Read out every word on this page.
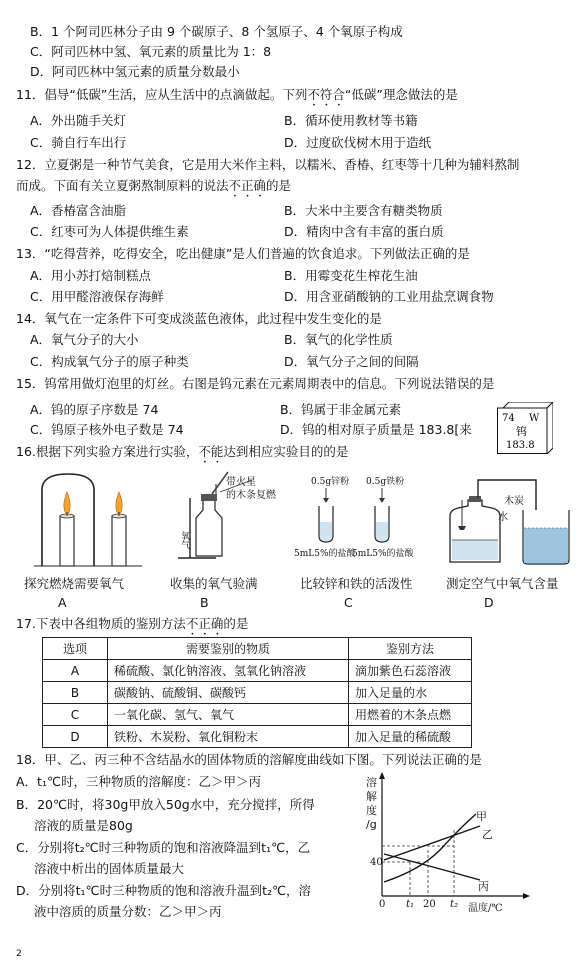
B．1 个阿司匹林分子由 9 个碳原子、8 个氢原子、4 个氧原子构成
C．阿司匹林中氢、氧元素的质量比为 1：8
D．阿司匹林中氢元素的质量分数最小
11．倡导“低碳”生活，应从生活中的点滴做起。下列不符合“低碳”理念做法的是
A．外出随手关灯	B．循环使用教材等书籍
C．骑自行车出行	D．过度砍伐树木用于造纸
12．立夏粥是一种节气美食，它是用大米作主料，以糯米、香椿、红枣等十几种为辅料熬制
而成。下面有关立夏粥熬制原料的说法不正确的是
A．香椿富含油脂	B．大米中主要含有糖类物质
C．红枣可为人体提供维生素	D．精肉中含有丰富的蛋白质
13．“吃得营养，吃得安全，吃出健康”是人们普遍的饮食追求。下列做法正确的是
A．用小苏打焙制糕点	B．用霉变花生榨花生油
C．用甲醛溶液保存海鲜	D．用含亚硝酸钠的工业用盐烹调食物
14．氧气在一定条件下可变成淡蓝色液体，此过程中发生变化的是
A．氧气分子的大小	B．氧气的化学性质
C．构成氧气分子的原子种类	D．氧气分子之间的间隔
15．钨常用做灯泡里的灯丝。右图是钨元素在元素周期表中的信息。下列说法错误的是
A．钨的原子序数是 74	B．钨属于非金属元素
C．钨原子核外电子数是 74	D．钨的相对原子质量是 183.8[来
74 W
钨
183.8
16.根据下列实验方案进行实验，不能达到相应实验目的的是
带火星
的木条复燃
氧气
0.5g锌粉 0.5g铁粉
5mL5%的盐酸
5mL5%的盐酸
木炭
水
探究燃烧需要氧气	收集的氧气验满	比较锌和铁的活泼性	测定空气中氧气含量
A	B	C	D
17.下表中各组物质的鉴别方法不正确的是
选项	需要鉴别的物质	鉴别方法
A	稀硫酸、氯化钠溶液、氢氧化钠溶液	滴加紫色石蕊溶液
B	碳酸钠、硫酸铜、碳酸钙	加入足量的水
C	一氧化碳、氢气、氧气	用燃着的木条点燃
D	铁粉、木炭粉、氧化铜粉末	加入足量的稀硫酸
18．甲、乙、丙三种不含结晶水的固体物质的溶解度曲线如下图。下列说法正确的是
A．t₁℃时，三种物质的溶解度：乙＞甲＞丙
B．20℃时，将30g甲放入50g水中，充分搅拌，所得
溶液的质量是80g
C．分别将t₂℃时三种物质的饱和溶液降温到t₁℃，乙
溶液中析出的固体质量最大
D．分别将t₁℃时三种物质的饱和溶液升温到t₂℃，溶
液中溶质的质量分数：乙＞甲＞丙
溶
解
度
/g
40
0 t₁ 20 t₂ 温度/℃
甲
乙
丙
2
